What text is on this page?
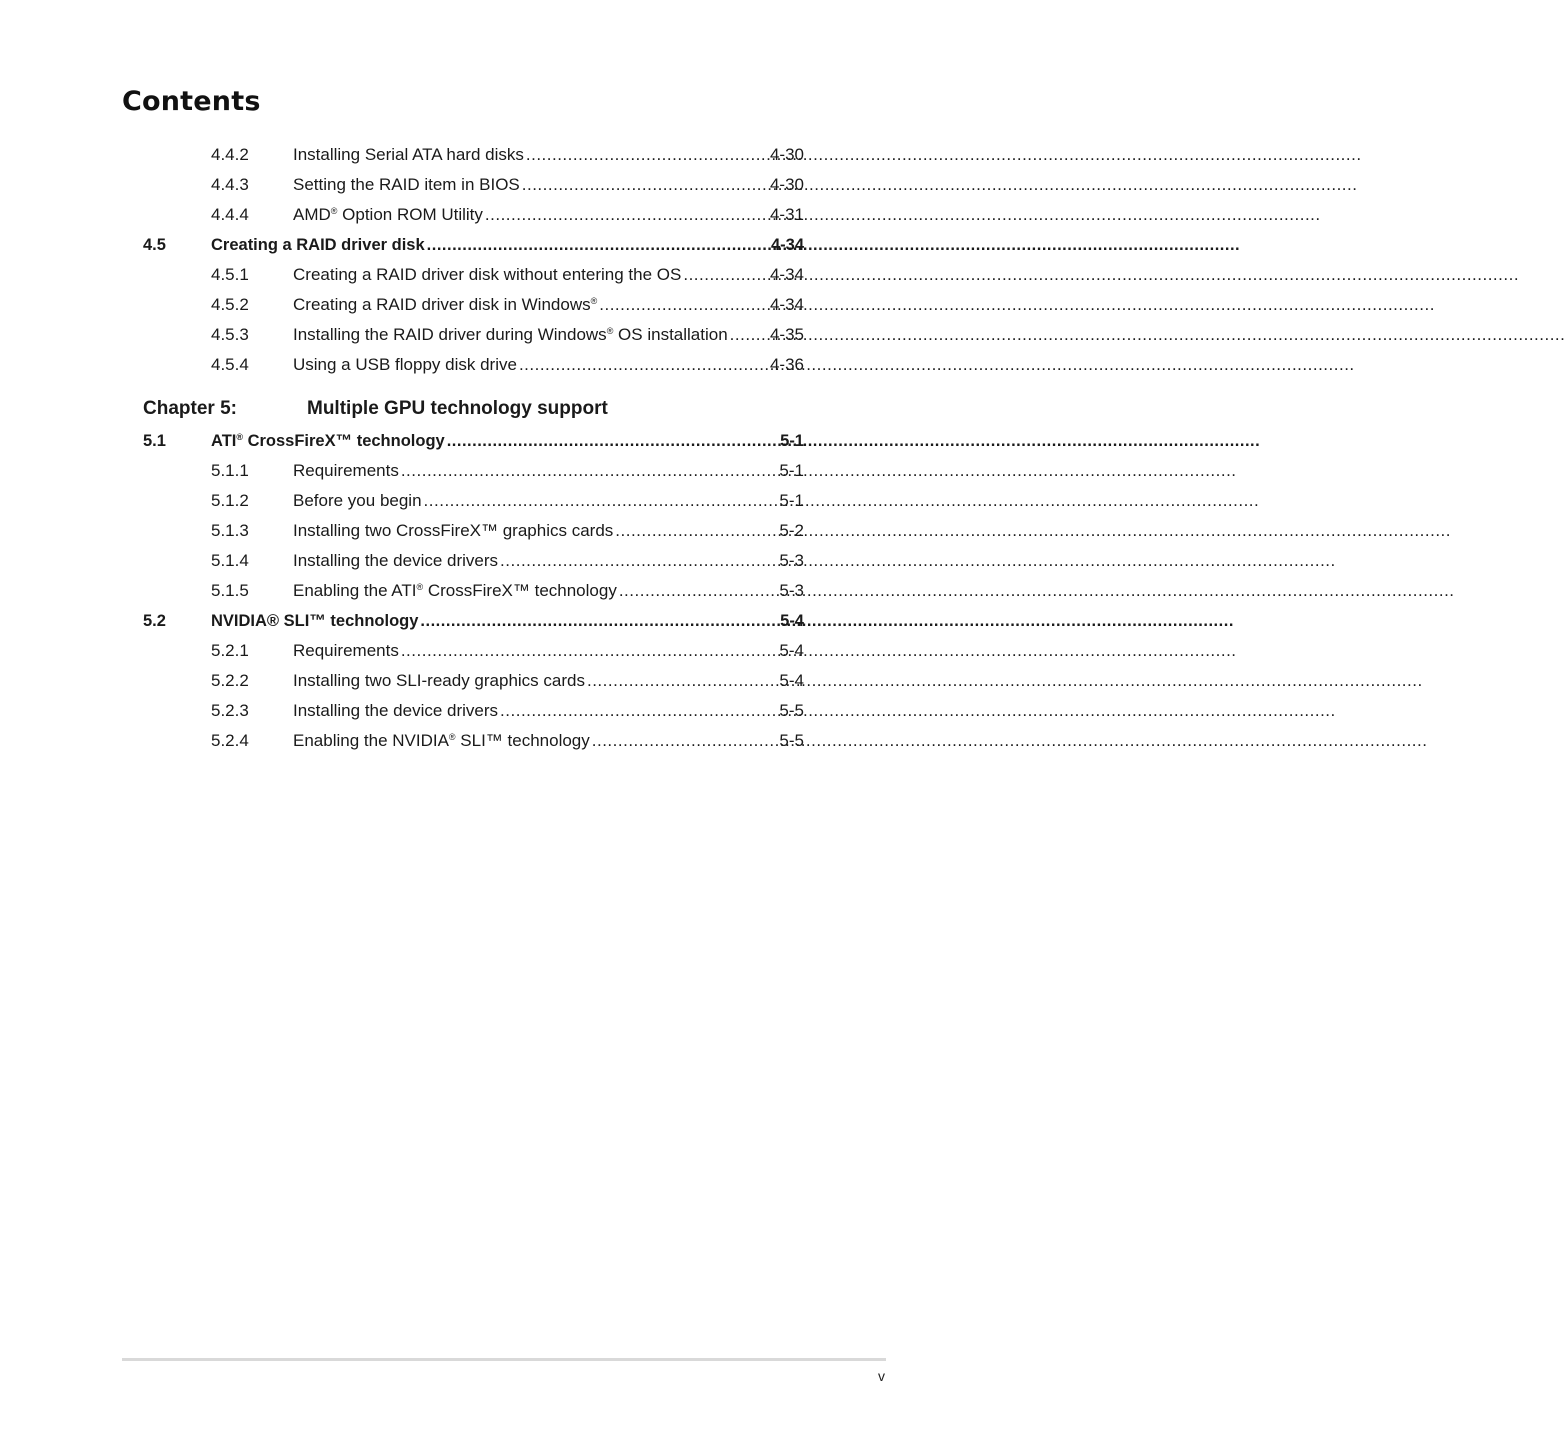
Contents
4.4.2	Installing Serial ATA hard disks .....	4-30
4.4.3	Setting the RAID item in BIOS .....	4-30
4.4.4	AMD® Option ROM Utility .....	4-31
4.5	Creating a RAID driver disk .....	4-34
4.5.1	Creating a RAID driver disk without entering the OS .....	4-34
4.5.2	Creating a RAID driver disk in Windows® .....	4-34
4.5.3	Installing the RAID driver during Windows® OS installation ..... 4-35
4.5.4	Using a USB floppy disk drive .....	4-36
Chapter 5:	Multiple GPU technology support
5.1	ATI® CrossFireX™ technology .....	5-1
5.1.1	Requirements .....	5-1
5.1.2	Before you begin .....	5-1
5.1.3	Installing two CrossFireX™ graphics cards .....	5-2
5.1.4	Installing the device drivers .....	5-3
5.1.5	Enabling the ATI® CrossFireX™ technology .....	5-3
5.2	NVIDIA® SLI™ technology .....	5-4
5.2.1	Requirements .....	5-4
5.2.2	Installing two SLI-ready graphics cards .....	5-4
5.2.3	Installing the device drivers .....	5-5
5.2.4	Enabling the NVIDIA® SLI™ technology .....	5-5
v
